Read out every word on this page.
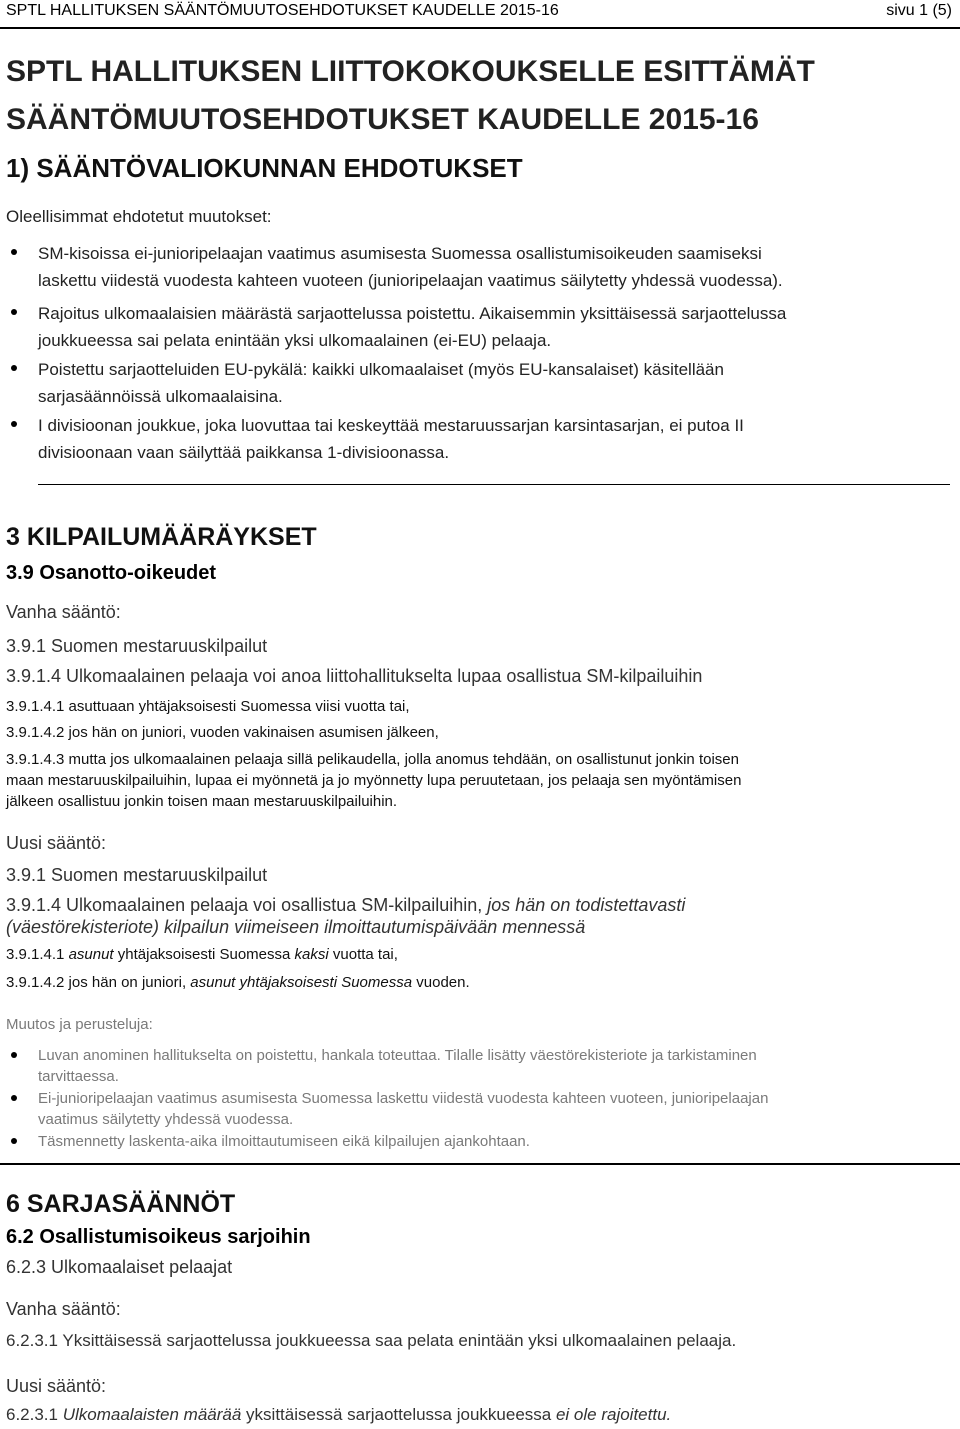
SPTL HALLITUKSEN SÄÄNTÖMUUTOSEHDOTUKSET KAUDELLE 2015-16	sivu 1 (5)
SPTL HALLITUKSEN LIITTOKOKOUKSELLE ESITTÄMÄT
SÄÄNTÖMUUTOSEHDOTUKSET KAUDELLE 2015-16
1) SÄÄNTÖVALIOKUNNAN EHDOTUKSET
Oleellisimmat ehdotetut muutokset:
SM-kisoissa ei-junioripelaajan vaatimus asumisesta Suomessa osallistumisoikeuden saamiseksi
laskettu viidestä vuodesta kahteen vuoteen (junioripelaajan vaatimus säilytetty yhdessä vuodessa).
Rajoitus ulkomaalaisien määrästä sarjaottelussa poistettu. Aikaisemmin yksittäisessä sarjaottelussa
joukkueessa sai pelata enintään yksi ulkomaalainen (ei-EU) pelaaja.
Poistettu sarjaotteluiden EU-pykälä: kaikki ulkomaalaiset (myös EU-kansalaiset) käsitellään
sarjasäännöissä ulkomaalaisina.
I divisioonan joukkue, joka luovuttaa tai keskeyttää mestaruussarjan karsintasarjan, ei putoa II
divisioonaan vaan säilyttää paikkansa 1-divisioonassa.
3 KILPAILUMÄÄRÄYKSET
3.9 Osanotto-oikeudet
Vanha sääntö:
3.9.1 Suomen mestaruuskilpailut
3.9.1.4 Ulkomaalainen pelaaja voi anoa liittohallitukselta lupaa osallistua SM-kilpailuihin
3.9.1.4.1 asuttuaan yhtäjaksoisesti Suomessa viisi vuotta tai,
3.9.1.4.2 jos hän on juniori, vuoden vakinaisen asumisen jälkeen,
3.9.1.4.3 mutta jos ulkomaalainen pelaaja sillä pelikaudella, jolla anomus tehdään, on osallistunut jonkin toisen
maan mestaruuskilpailuihin, lupaa ei myönnetä ja jo myönnetty lupa peruutetaan, jos pelaaja sen myöntämisen
jälkeen osallistuu jonkin toisen maan mestaruuskilpailuihin.
Uusi sääntö:
3.9.1 Suomen mestaruuskilpailut
3.9.1.4 Ulkomaalainen pelaaja voi osallistua SM-kilpailuihin, jos hän on todistettavasti
(väestörekisteriote) kilpailun viimeiseen ilmoittautumispäivään mennessä
3.9.1.4.1 asunut yhtäjaksoisesti Suomessa kaksi vuotta tai,
3.9.1.4.2 jos hän on juniori, asunut yhtäjaksoisesti Suomessa vuoden.
Muutos ja perusteluja:
Luvan anominen hallitukselta on poistettu, hankala toteuttaa. Tilalle lisätty väestörekisteriote ja tarkistaminen
tarvittaessa.
Ei-junioripelaajan vaatimus asumisesta Suomessa laskettu viidestä vuodesta kahteen vuoteen, junioripelaajan
vaatimus säilytetty yhdessä vuodessa.
Täsmennetty laskenta-aika ilmoittautumiseen eikä kilpailujen ajankohtaan.
6 SARJASÄÄNNÖT
6.2 Osallistumisoikeus sarjoihin
6.2.3 Ulkomaalaiset pelaajat
Vanha sääntö:
6.2.3.1 Yksittäisessä sarjaottelussa joukkueessa saa pelata enintään yksi ulkomaalainen pelaaja.
Uusi sääntö:
6.2.3.1 Ulkomaalaisten määrää yksittäisessä sarjaottelussa joukkueessa ei ole rajoitettu.
